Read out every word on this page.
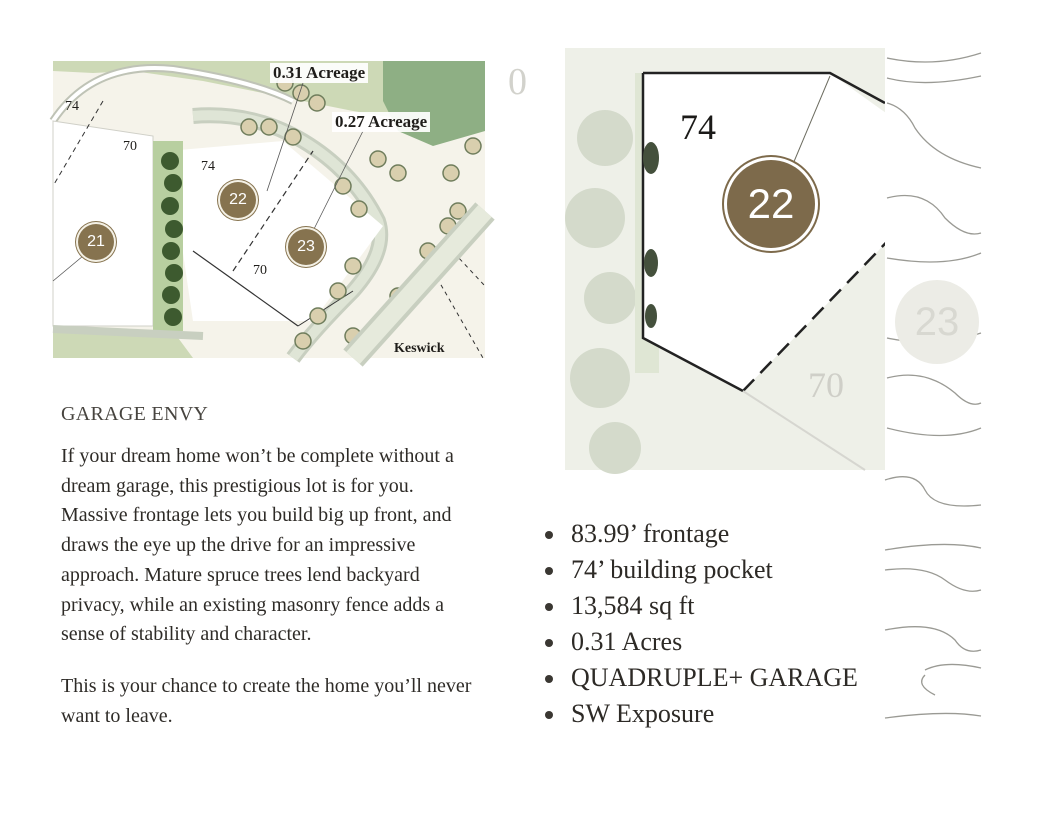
0.31 Acreage
0.27 Acreage
74
70
74
70
21
22
23
Keswick
GARAGE ENVY

If your dream home won’t be complete without a dream garage, this prestigious lot is for you. Massive frontage lets you build big up front, and draws the eye up the drive for an impressive approach. Mature spruce trees lend backyard privacy, while an existing masonry fence adds a sense of stability and character.

This is your chance to create the home you’ll never want to leave.

0
74
22
23
70
83.99’ frontage
74’ building pocket
13,584 sq ft
0.31 Acres
QUADRUPLE+ GARAGE
SW Exposure
